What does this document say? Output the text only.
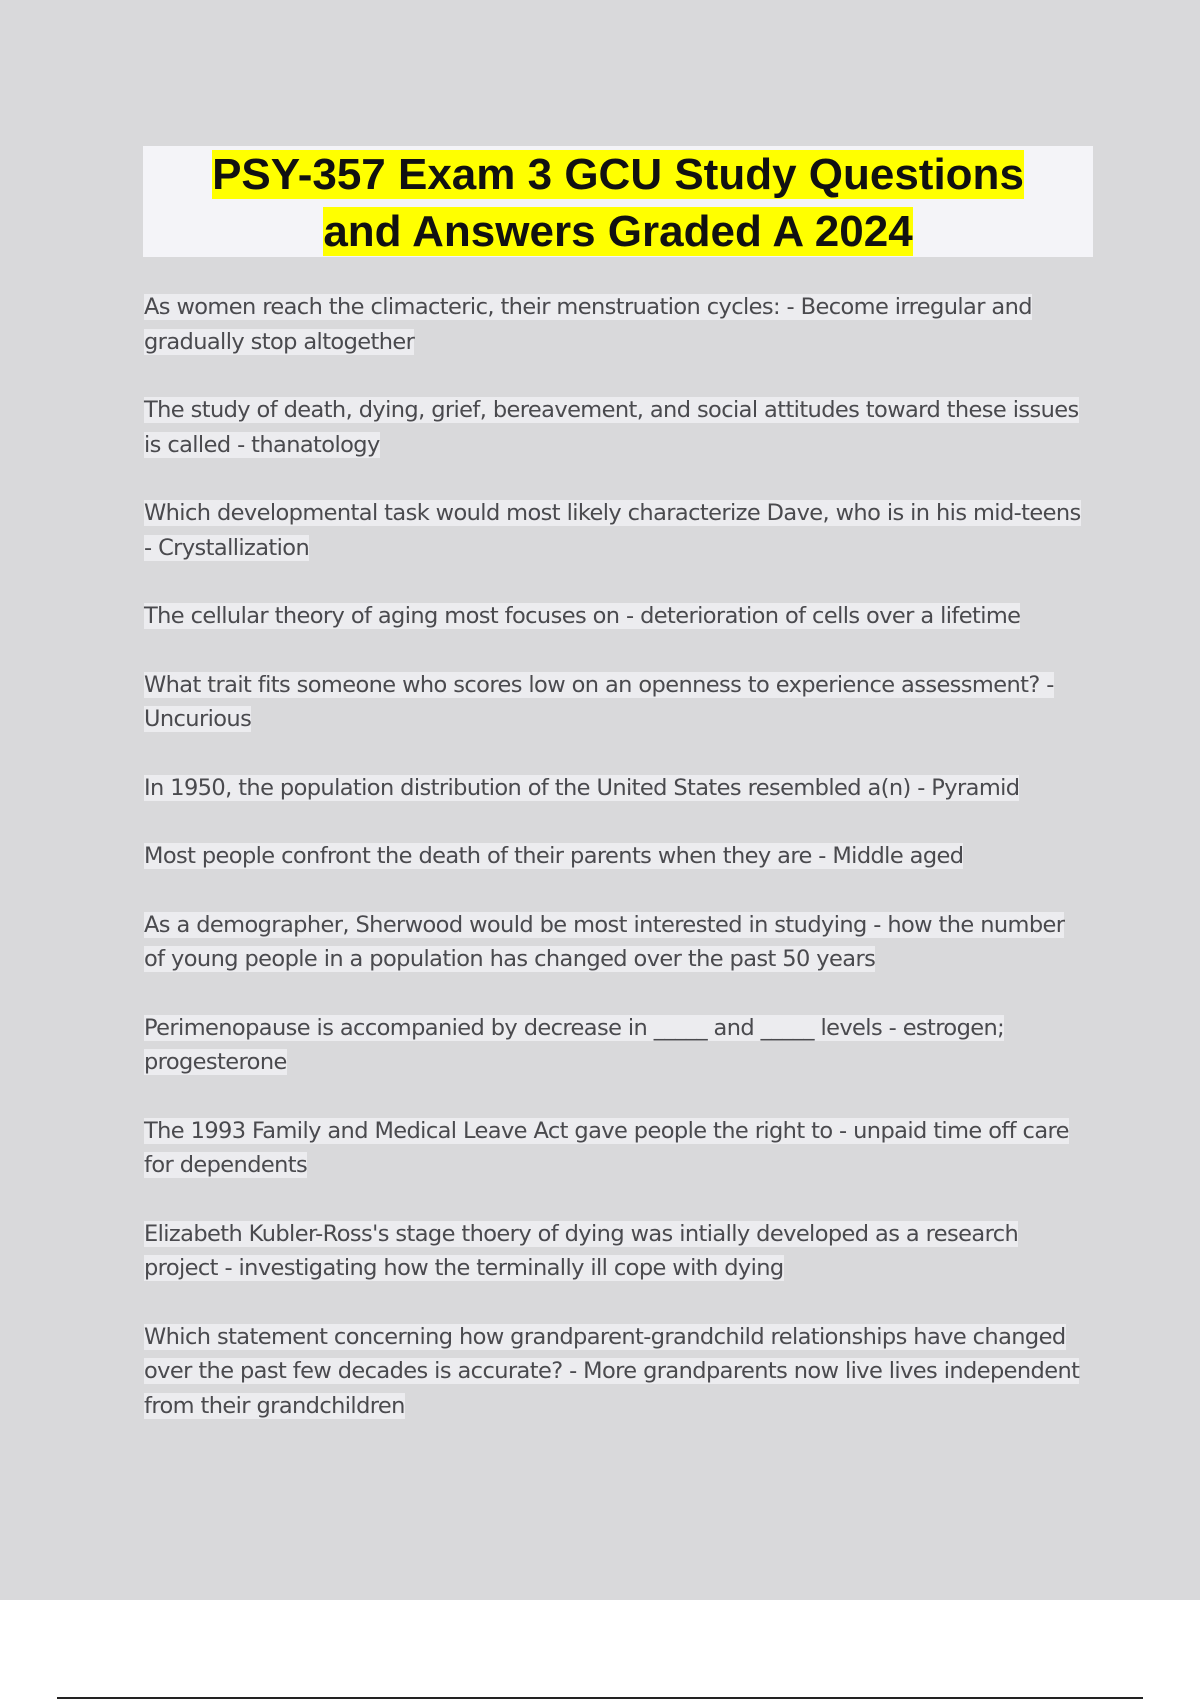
PSY-357 Exam 3 GCU Study Questions
and Answers Graded A 2024
As women reach the climacteric, their menstruation cycles: - Become irregular and gradually stop altogether
The study of death, dying, grief, bereavement, and social attitudes toward these issues is called - thanatology
Which developmental task would most likely characterize Dave, who is in his mid-teens - Crystallization
The cellular theory of aging most focuses on - deterioration of cells over a lifetime
What trait fits someone who scores low on an openness to experience assessment? - Uncurious
In 1950, the population distribution of the United States resembled a(n) - Pyramid
Most people confront the death of their parents when they are - Middle aged
As a demographer, Sherwood would be most interested in studying - how the number of young people in a population has changed over the past 50 years
Perimenopause is accompanied by decrease in _____ and _____ levels - estrogen; progesterone
The 1993 Family and Medical Leave Act gave people the right to - unpaid time off care for dependents
Elizabeth Kubler-Ross's stage thoery of dying was intially developed as a research project - investigating how the terminally ill cope with dying
Which statement concerning how grandparent-grandchild relationships have changed over the past few decades is accurate? - More grandparents now live lives independent from their grandchildren
